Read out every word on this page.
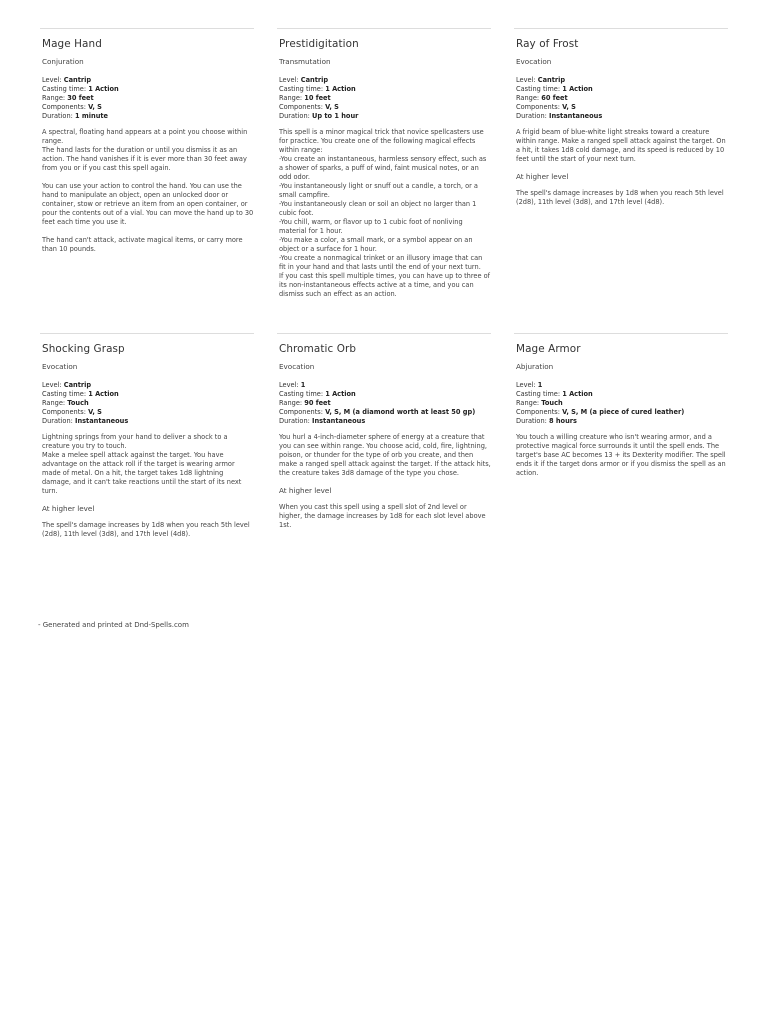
Mage Hand
Conjuration
Level: Cantrip
Casting time: 1 Action
Range: 30 feet
Components: V, S
Duration: 1 minute
A spectral, floating hand appears at a point you choose within range.
The hand lasts for the duration or until you dismiss it as an action. The hand vanishes if it is ever more than 30 feet away from you or if you cast this spell again.

You can use your action to control the hand. You can use the hand to manipulate an object, open an unlocked door or container, stow or retrieve an item from an open container, or pour the contents out of a vial. You can move the hand up to 30 feet each time you use it.

The hand can't attack, activate magical items, or carry more than 10 pounds.
Prestidigitation
Transmutation
Level: Cantrip
Casting time: 1 Action
Range: 10 feet
Components: V, S
Duration: Up to 1 hour
This spell is a minor magical trick that novice spellcasters use for practice. You create one of the following magical effects within range:
-You create an instantaneous, harmless sensory effect, such as a shower of sparks, a puff of wind, faint musical notes, or an odd odor.
-You instantaneously light or snuff out a candle, a torch, or a small campfire.
-You instantaneously clean or soil an object no larger than 1 cubic foot.
-You chill, warm, or flavor up to 1 cubic foot of nonliving material for 1 hour.
-You make a color, a small mark, or a symbol appear on an object or a surface for 1 hour.
-You create a nonmagical trinket or an illusory image that can fit in your hand and that lasts until the end of your next turn.
If you cast this spell multiple times, you can have up to three of its non-instantaneous effects active at a time, and you can dismiss such an effect as an action.
Ray of Frost
Evocation
Level: Cantrip
Casting time: 1 Action
Range: 60 feet
Components: V, S
Duration: Instantaneous
A frigid beam of blue-white light streaks toward a creature within range. Make a ranged spell attack against the target. On a hit, it takes 1d8 cold damage, and its speed is reduced by 10 feet until the start of your next turn.
At higher level
The spell's damage increases by 1d8 when you reach 5th level (2d8), 11th level (3d8), and 17th level (4d8).
Shocking Grasp
Evocation
Level: Cantrip
Casting time: 1 Action
Range: Touch
Components: V, S
Duration: Instantaneous
Lightning springs from your hand to deliver a shock to a creature you try to touch.
Make a melee spell attack against the target. You have advantage on the attack roll if the target is wearing armor made of metal. On a hit, the target takes 1d8 lightning damage, and it can't take reactions until the start of its next turn.
At higher level
The spell's damage increases by 1d8 when you reach 5th level (2d8), 11th level (3d8), and 17th level (4d8).
Chromatic Orb
Evocation
Level: 1
Casting time: 1 Action
Range: 90 feet
Components: V, S, M (a diamond worth at least 50 gp)
Duration: Instantaneous
You hurl a 4-inch-diameter sphere of energy at a creature that you can see within range. You choose acid, cold, fire, lightning, poison, or thunder for the type of orb you create, and then make a ranged spell attack against the target. If the attack hits, the creature takes 3d8 damage of the type you chose.
At higher level
When you cast this spell using a spell slot of 2nd level or higher, the damage increases by 1d8 for each slot level above 1st.
Mage Armor
Abjuration
Level: 1
Casting time: 1 Action
Range: Touch
Components: V, S, M (a piece of cured leather)
Duration: 8 hours
You touch a willing creature who isn't wearing armor, and a protective magical force surrounds it until the spell ends. The target's base AC becomes 13 + its Dexterity modifier. The spell ends it if the target dons armor or if you dismiss the spell as an action.
- Generated and printed at Dnd-Spells.com
